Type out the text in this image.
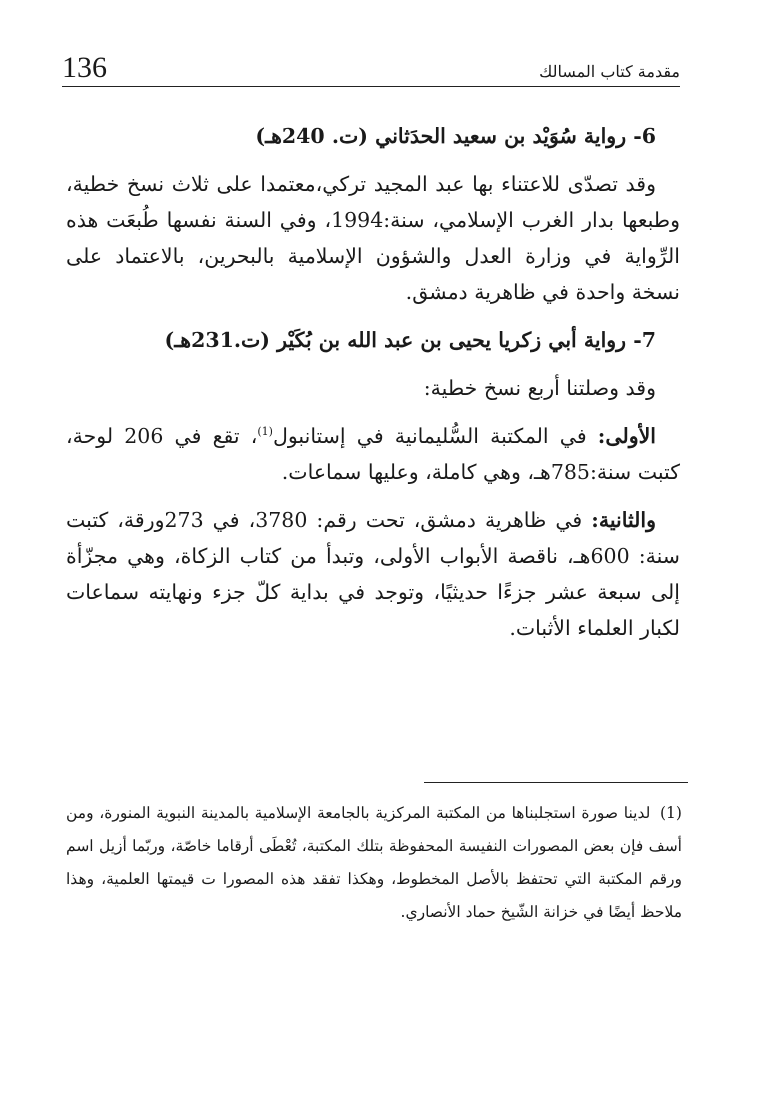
136	مقدمة كتاب المسالك

6- رواية سُوَيْد بن سعيد الحدَثاني (ت. 240هـ)

وقد تصدّى للاعتناء بها عبد المجيد تركي،معتمدا على ثلاث نسخ خطية، وطبعها بدار الغرب الإسلامي، سنة:1994، وفي السنة نفسها طُبعَت هذه الرِّواية في وزارة العدل والشؤون الإسلامية بالبحرين، بالاعتماد على نسخة واحدة في ظاهرية دمشق.

7- رواية أبي زكريا يحيى بن عبد الله بن بُكَيْر (ت.231هـ)

وقد وصلتنا أربع نسخ خطية:

الأولى: في المكتبة السُّليمانية في إستانبول$^{(1)}$، تقع في 206 لوحة، كتبت سنة:785هـ، وهي كاملة، وعليها سماعات.

والثانية: في ظاهرية دمشق، تحت رقم: 3780، في 273ورقة، كتبت سنة: 600هـ، ناقصة الأبواب الأولى، وتبدأ من كتاب الزكاة، وهي مجزّأة إلى سبعة عشر جزءًا حديثيًا، وتوجد في بداية كلّ جزء ونهايته سماعات لكبار العلماء الأثبات.

(1) لدينا صورة استجلبناها من المكتبة المركزية بالجامعة الإسلامية بالمدينة النبوية المنورة، ومن أسف فإن بعض المصورات النفيسة المحفوظة بتلك المكتبة، تُعْطَى أرقاما خاصّة، وربّما أزيل اسم ورقم المكتبة التي تحتفظ بالأصل المخطوط، وهكذا تفقد هذه المصورا ت قيمتها العلمية، وهذا ملاحظ أيضًا في خزانة الشّيخ حماد الأنصاري.
